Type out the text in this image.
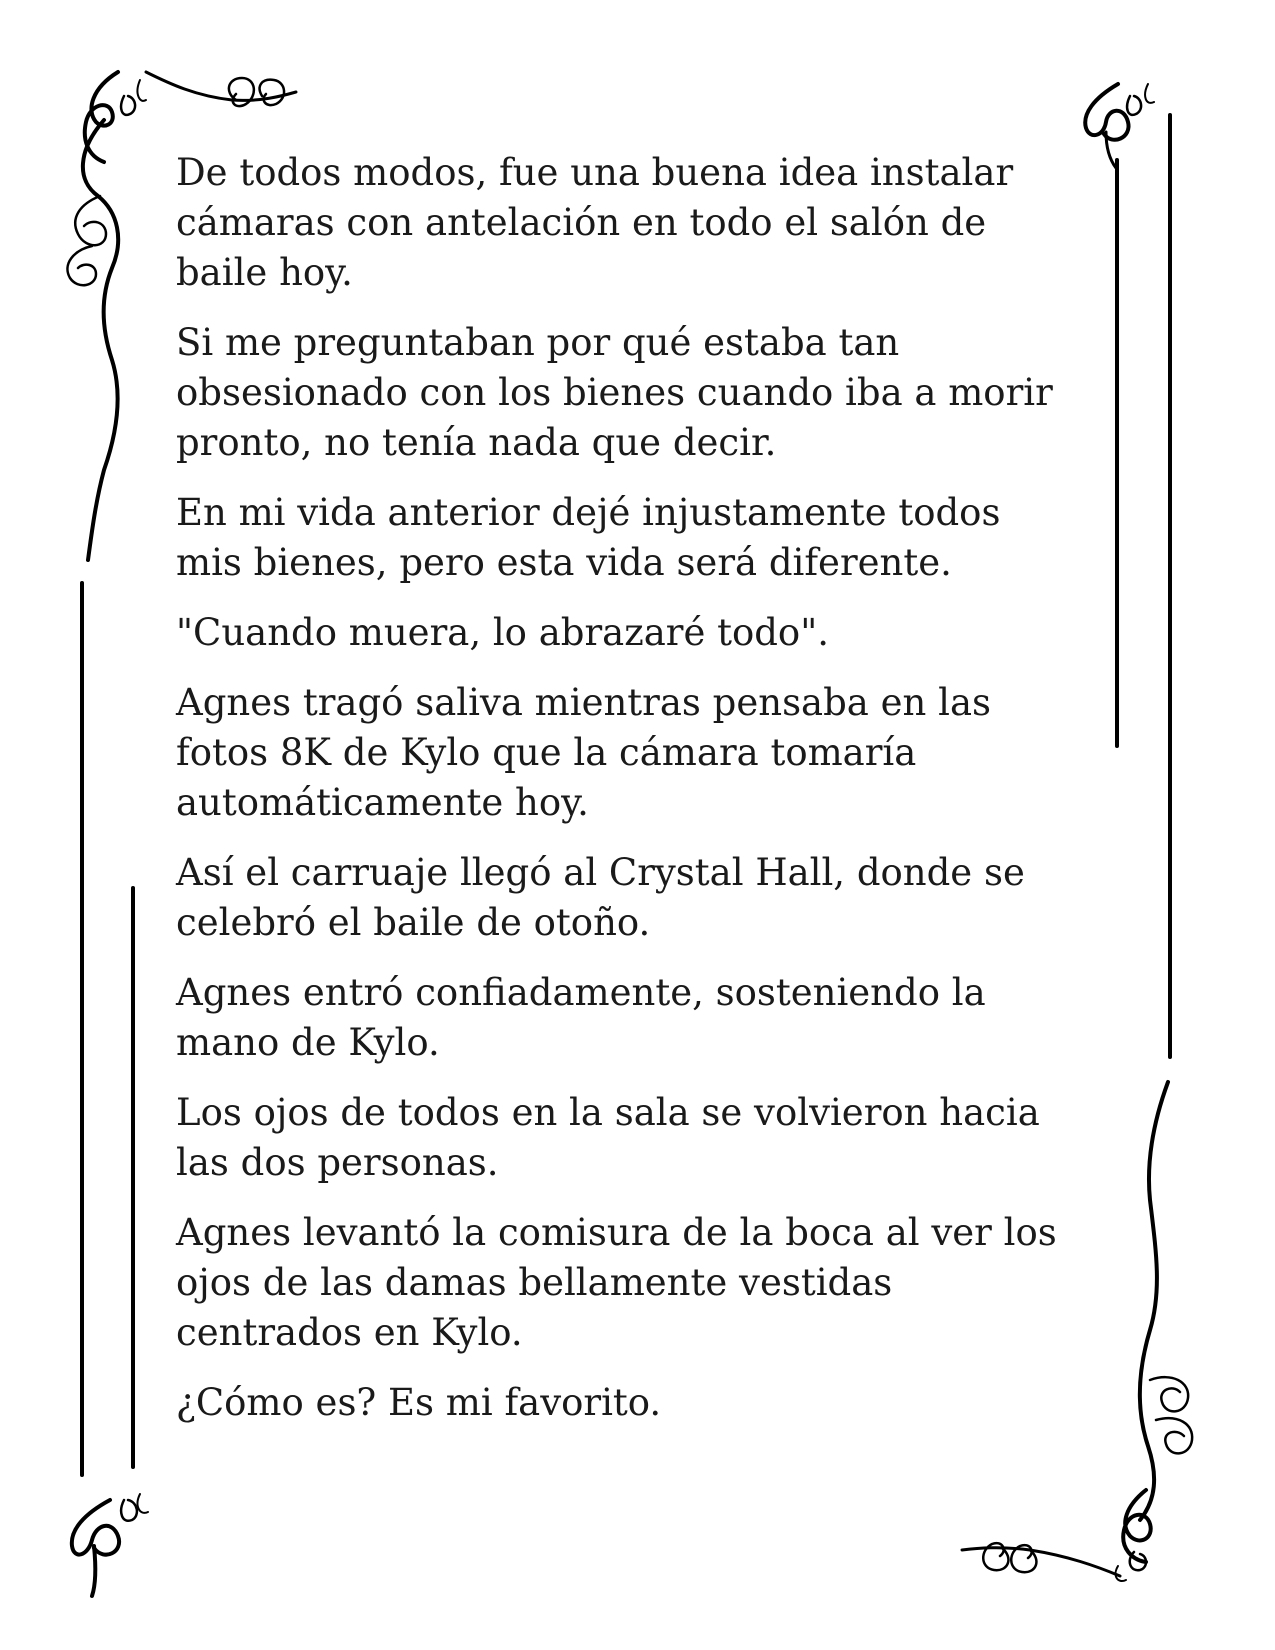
De todos modos, fue una buena idea instalar
cámaras con antelación en todo el salón de
baile hoy.

Si me preguntaban por qué estaba tan
obsesionado con los bienes cuando iba a morir
pronto, no tenía nada que decir.

En mi vida anterior dejé injustamente todos
mis bienes, pero esta vida será diferente.

"Cuando muera, lo abrazaré todo".

Agnes tragó saliva mientras pensaba en las
fotos 8K de Kylo que la cámara tomaría
automáticamente hoy.

Así el carruaje llegó al Crystal Hall, donde se
celebró el baile de otoño.

Agnes entró confiadamente, sosteniendo la
mano de Kylo.

Los ojos de todos en la sala se volvieron hacia
las dos personas.

Agnes levantó la comisura de la boca al ver los
ojos de las damas bellamente vestidas
centrados en Kylo.

¿Cómo es? Es mi favorito.
